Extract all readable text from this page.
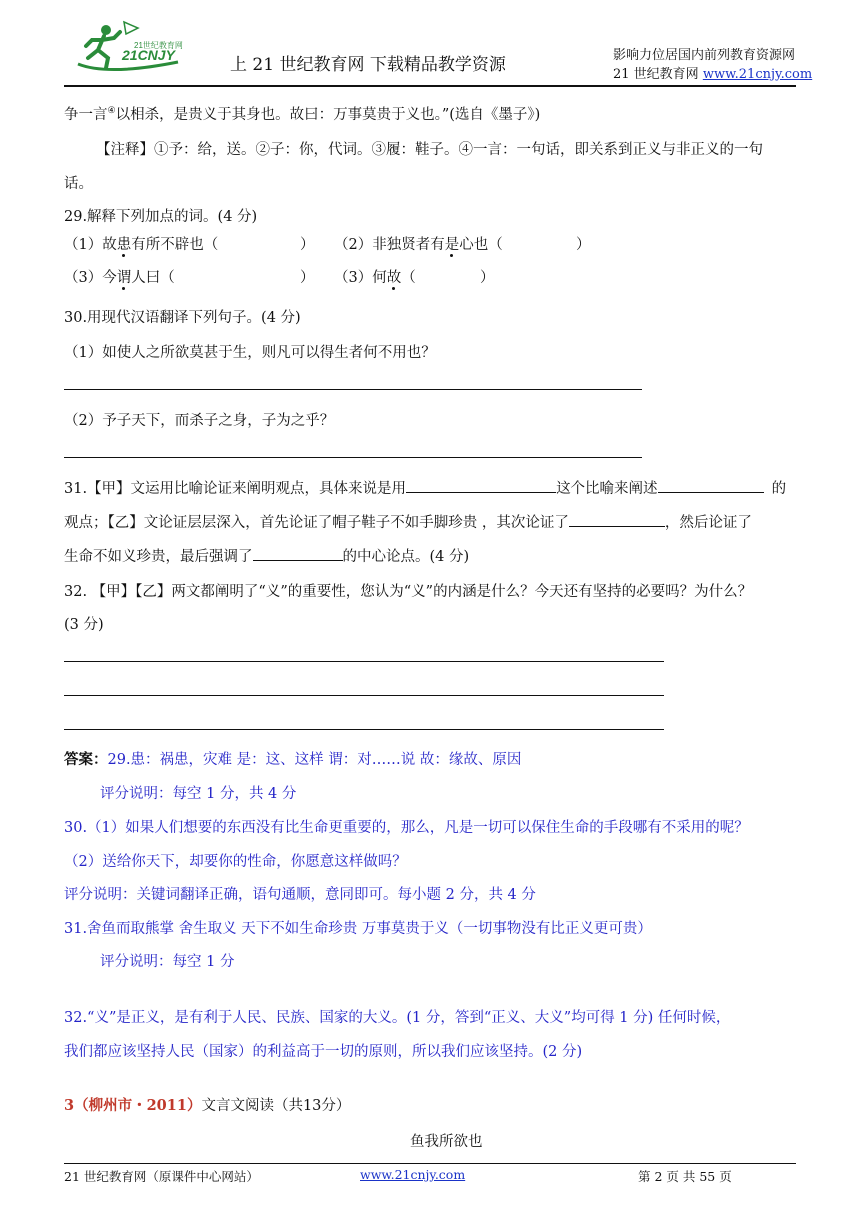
21世纪教育网
21CNJY	上 21 世纪教育网 下载精品教学资源	影响力位居国内前列教育资源网
21 世纪教育网 www.21cnjy.com
争一言④以相杀，是贵义于其身也。故曰：万事莫贵于义也。”(选自《墨子》)
【注释】①予：给，送。②子：你，代词。③履：鞋子。④一言：一句话，即关系到正义与非正义的一句
话。
29.解释下列加点的词。(4 分)
（1）故患有所不辟也（	） （2）非独贤者有是心也（	）
（3）今谓人曰（	） （3）何故（	）
30.用现代汉语翻译下列句子。(4 分)
（1）如使人之所欲莫甚于生，则凡可以得生者何不用也？
（2）予子天下，而杀子之身，子为之乎？
31.【甲】文运用比喻论证来阐明观点，具体来说是用	这个比喻来阐述	的
观点；【乙】文论证层层深入，首先论证了帽子鞋子不如手脚珍贵 ，其次论证了	，然后论证了
生命不如义珍贵，最后强调了	的中心论点。(4 分)
32. 【甲】【乙】两文都阐明了“义”的重要性，您认为“义”的内涵是什么？今天还有坚持的必要吗？为什么？
(3 分)
答案：29.患：祸患，灾难 是：这、这样 谓：对……说 故：缘故、原因
评分说明：每空 1 分，共 4 分
30.（1）如果人们想要的东西没有比生命更重要的，那么，凡是一切可以保住生命的手段哪有不采用的呢？
（2）送给你天下，却要你的性命，你愿意这样做吗？
评分说明：关键词翻译正确，语句通顺，意同即可。每小题 2 分，共 4 分
31.舍鱼而取熊掌 舍生取义 天下不如生命珍贵 万事莫贵于义（一切事物没有比正义更可贵）
评分说明：每空 1 分
32.“义”是正义，是有利于人民、民族、国家的大义。(1 分，答到“正义、大义”均可得 1 分) 任何时候，
我们都应该坚持人民（国家）的利益高于一切的原则，所以我们应该坚持。(2 分)
3（柳州市・2011）文言文阅读（共13分）
鱼我所欲也
21 世纪教育网（原课件中心网站）	www.21cnjy.com	第 2 页 共 55 页
